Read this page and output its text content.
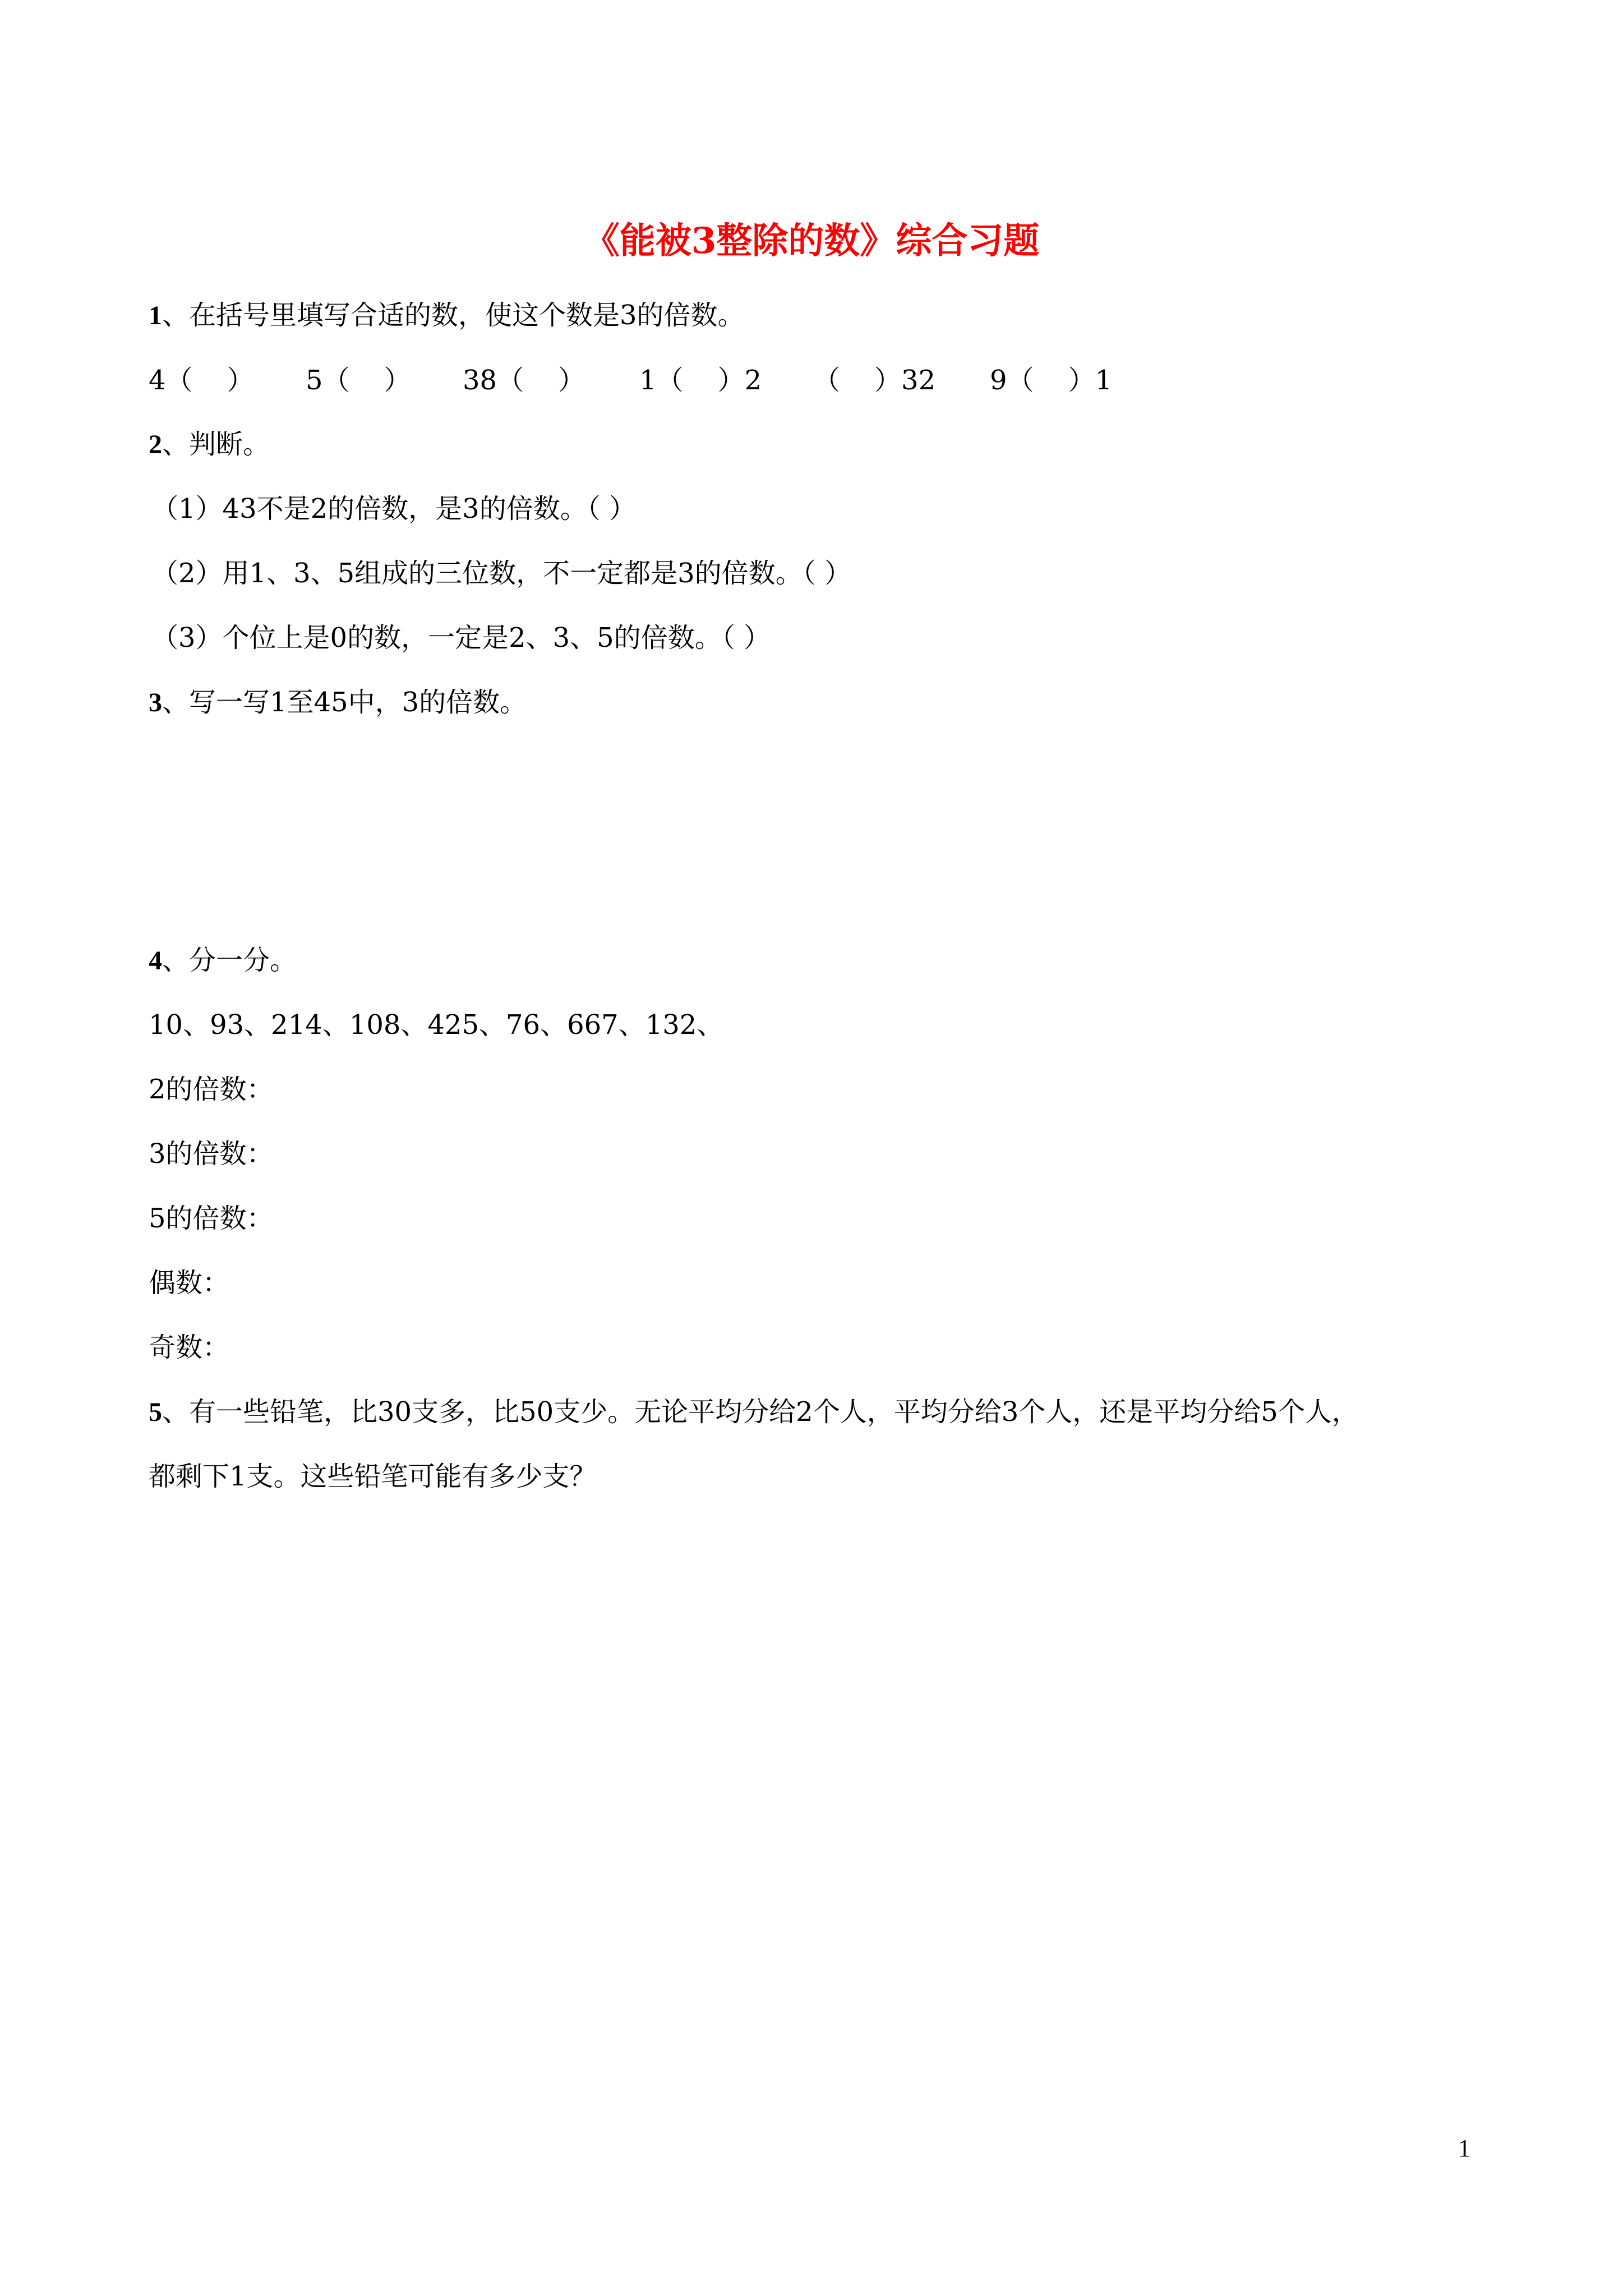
《能被3整除的数》综合习题
1、在括号里填写合适的数，使这个数是3的倍数。
4（    ） 5（    ） 38（    ） 1（    ）2 （    ）32 9（    ）1
2、判断。
（1）43不是2的倍数，是3的倍数。（ ）
（2）用1、3、5组成的三位数，不一定都是3的倍数。（ ）
（3）个位上是0的数，一定是2、3、5的倍数。（ ）
3、写一写1至45中，3的倍数。
4、分一分。
10、93、214、108、425、76、667、132、
2的倍数：
3的倍数：
5的倍数：
偶数：
奇数：
5、有一些铅笔，比30支多，比50支少。无论平均分给2个人，平均分给3个人，还是平均分给5个人，
都剩下1支。这些铅笔可能有多少支？
1
